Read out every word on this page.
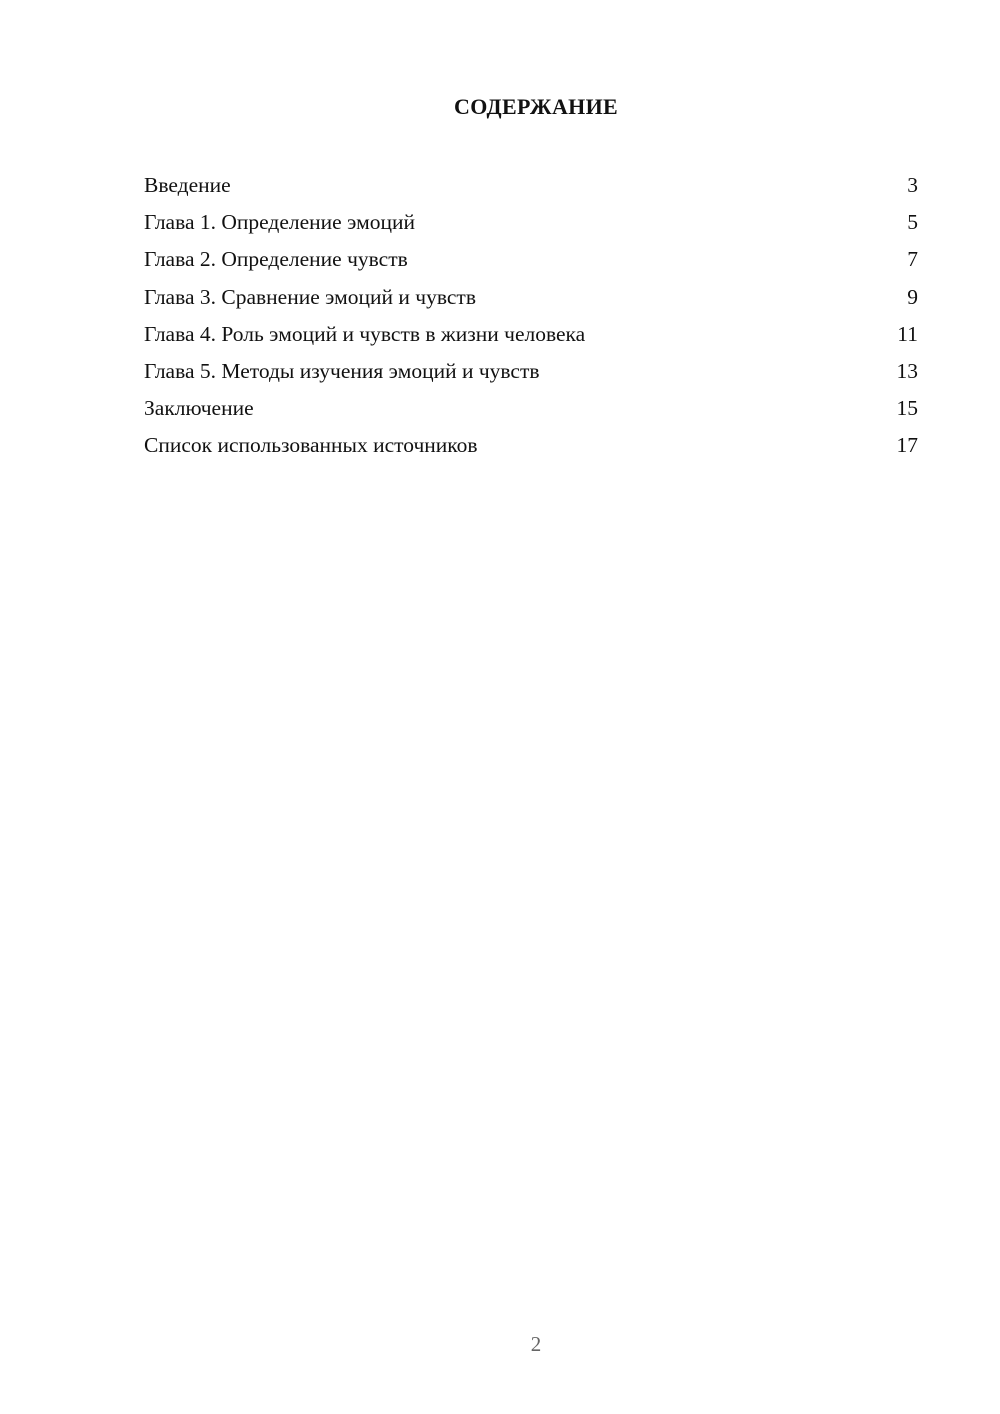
СОДЕРЖАНИЕ
Введение	3
Глава 1. Определение эмоций	5
Глава 2. Определение чувств	7
Глава 3. Сравнение эмоций и чувств	9
Глава 4. Роль эмоций и чувств в жизни человека	11
Глава 5. Методы изучения эмоций и чувств	13
Заключение	15
Список использованных источников	17
2
